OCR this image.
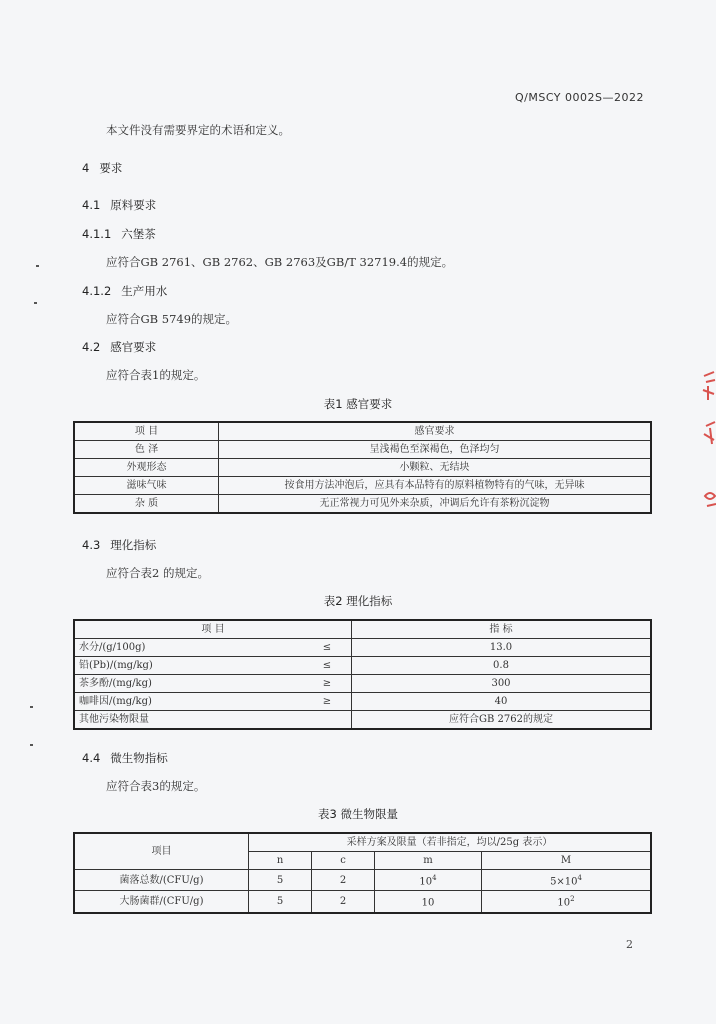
Q/MSCY 0002S—2022
本文件没有需要界定的术语和定义。
4 要求
4.1 原料要求
4.1.1 六堡茶
应符合GB 2761、GB 2762、GB 2763及GB/T 32719.4的规定。
4.1.2 生产用水
应符合GB 5749的规定。
4.2 感官要求
应符合表1的规定。
表1 感官要求
项 目	感官要求
色 泽	呈浅褐色至深褐色，色泽均匀
外观形态	小颗粒、无结块
滋味气味	按食用方法冲泡后，应具有本品特有的原料植物特有的气味，无异味
杂 质	无正常视力可见外来杂质，冲调后允许有茶粉沉淀物
4.3 理化指标
应符合表2 的规定。
表2 理化指标
项 目		指 标
水分/(g/100g)	≤	13.0
铅(Pb)/(mg/kg)	≤	0.8
茶多酚/(mg/kg)	≥	300
咖啡因/(mg/kg)	≥	40
其他污染物限量		应符合GB 2762的规定
4.4 微生物指标
应符合表3的规定。
表3 微生物限量
项目	采样方案及限量（若非指定，均以/25g 表示）			
	n	c	m	M
菌落总数/(CFU/g)	5	2	$10^4$	$5\times 10^4$
大肠菌群/(CFU/g)	5	2	10	$10^2$
2
